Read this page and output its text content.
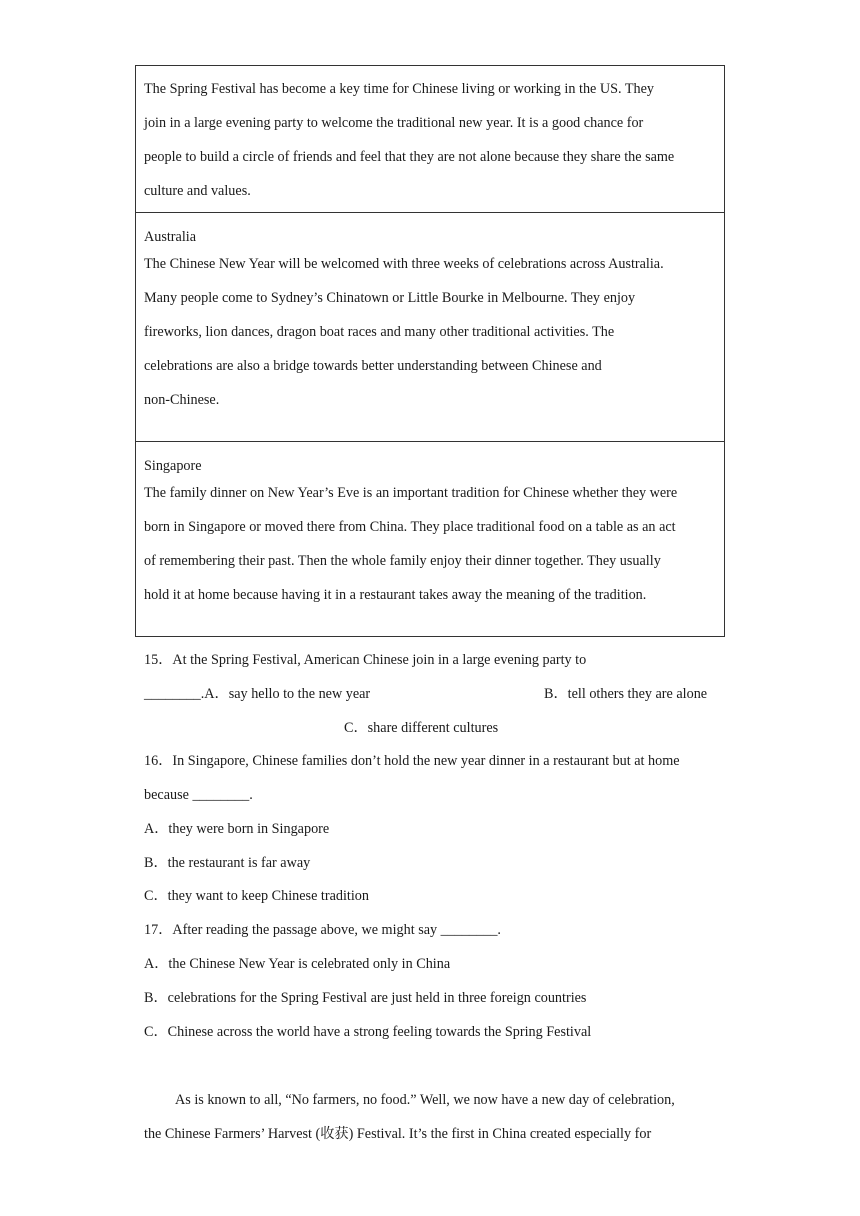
The Spring Festival has become a key time for Chinese living or working in the US. They

join in a large evening party to welcome the traditional new year. It is a good chance for

people to build a circle of friends and feel that they are not alone because they share the same

culture and values.

Australia

The Chinese New Year will be welcomed with three weeks of celebrations across Australia.

Many people come to Sydney’s Chinatown or Little Bourke in Melbourne. They enjoy

fireworks, lion dances, dragon boat races and many other traditional activities. The

celebrations are also a bridge towards better understanding between Chinese and

non-Chinese.

Singapore

The family dinner on New Year’s Eve is an important tradition for Chinese whether they were

born in Singapore or moved there from China. They place traditional food on a table as an act

of remembering their past. Then the whole family enjoy their dinner together. They usually

hold it at home because having it in a restaurant takes away the meaning of the tradition.

15．At the Spring Festival, American Chinese join in a large evening party to

________.A．say hello to the new year	B．tell others they are alone

C．share different cultures

16．In Singapore, Chinese families don’t hold the new year dinner in a restaurant but at home

because ________.

A．they were born in Singapore

B．the restaurant is far away

C．they want to keep Chinese tradition

17．After reading the passage above, we might say ________.

A．the Chinese New Year is celebrated only in China

B．celebrations for the Spring Festival are just held in three foreign countries

C．Chinese across the world have a strong feeling towards the Spring Festival

As is known to all, “No farmers, no food.” Well, we now have a new day of celebration,

the Chinese Farmers’ Harvest (收获) Festival. It’s the first in China created especially for
